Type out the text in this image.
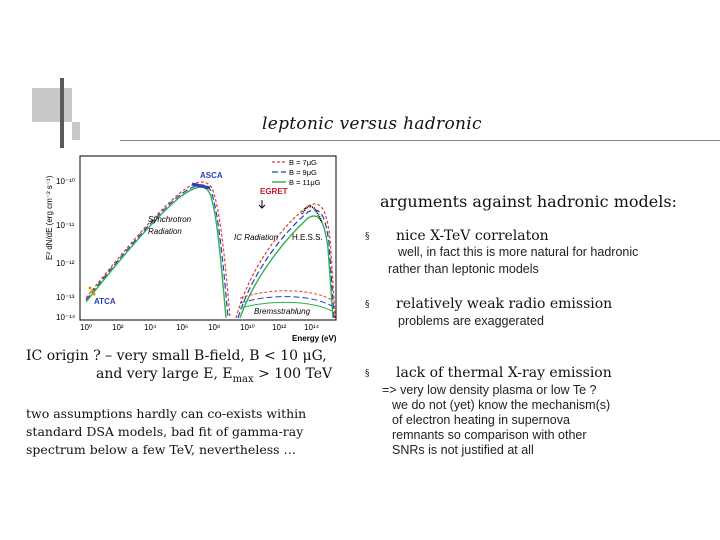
leptonic versus hadronic
E² dN/dE (erg cm⁻² s⁻¹) 10⁻¹⁰
10⁻¹¹
10⁻¹²
10⁻¹³
10⁻¹⁴
10⁰ 10²	10⁴ 10⁶ 10⁸ 10¹⁰ 10¹² 10¹⁴
Energy (eV)
ASCA
EGRET
H.E.S.S.
ATCA
Synchrotron
Radiation
IC Radiation
Bremsstrahlung
B = 7μG
B = 9μG
B = 11μG
arguments against hadronic models:
§ nice X-TeV correlaton
well, in fact this is more natural for hadronic
rather than leptonic models
§ relatively weak radio emission
problems are exaggerated
§ lack of thermal X-ray emission
=> very low density plasma or low Te ?
we do not (yet) know the mechanism(s)
of electron heating in supernova
remnants so comparison with other
SNRs is not justified at all
IC origin ? – very small B-field, B < 10 μG,
and very large E, $E_{max} > 100$ TeV
two assumptions hardly can co-exists within
standard DSA models, bad fit of gamma-ray
spectrum below a few TeV, nevertheless …
